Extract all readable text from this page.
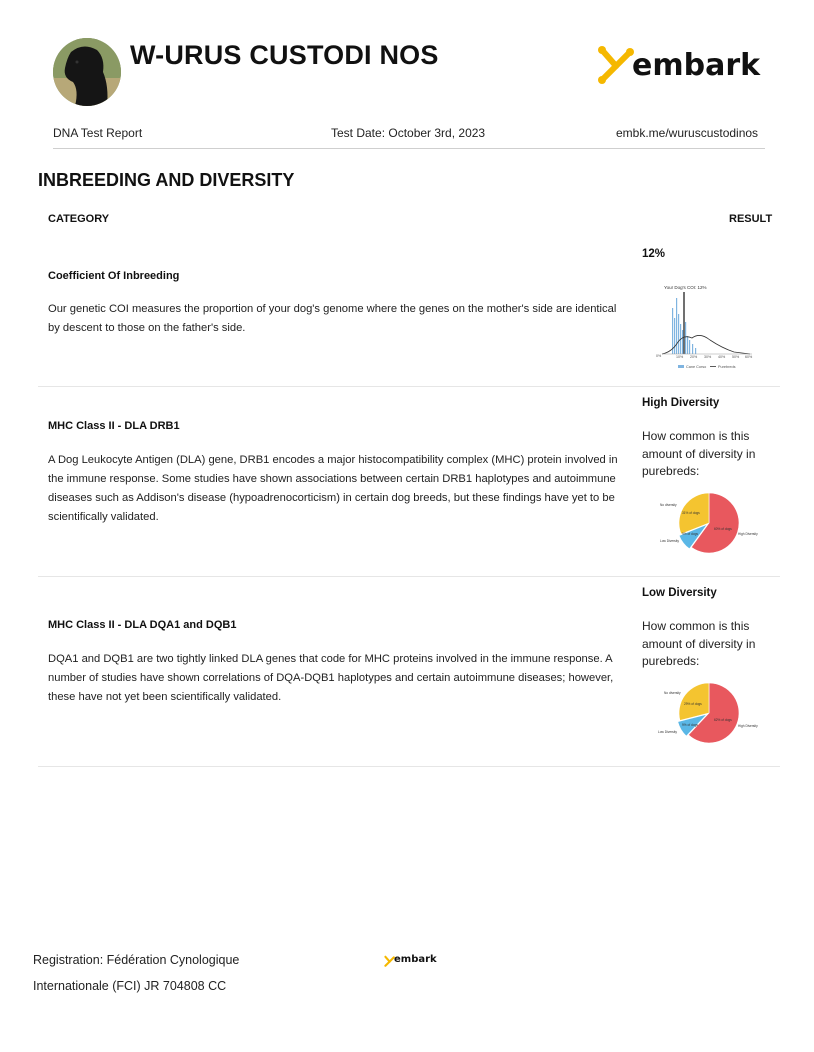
W-URUS CUSTODI NOS	embark
DNA Test Report	Test Date: October 3rd, 2023	embk.me/wuruscustodinos
INBREEDING AND DIVERSITY
CATEGORY	RESULT
Coefficient Of Inbreeding
Our genetic COI measures the proportion of your dog's genome where the genes on the mother's side are identical by descent to those on the father's side.
12%
Your Dog's COI: 12%
0%	10% 20% 30% 40% 50% 60%
Cane Corso	Purebreds
MHC Class II - DLA DRB1
A Dog Leukocyte Antigen (DLA) gene, DRB1 encodes a major histocompatibility complex (MHC) protein involved in the immune response. Some studies have shown associations between certain DRB1 haplotypes and autoimmune diseases such as Addison's disease (hypoadrenocorticism) in certain dog breeds, but these findings have yet to be scientifically validated.
High Diversity
How common is this amount of diversity in purebreds:
No diversity
Low Diversity
High Diversity
31% of dogs
9% of dogs
60% of dogs
MHC Class II - DLA DQA1 and DQB1
DQA1 and DQB1 are two tightly linked DLA genes that code for MHC proteins involved in the immune response. A number of studies have shown correlations of DQA-DQB1 haplotypes and certain autoimmune diseases; however, these have not yet been scientifically validated.
Low Diversity
How common is this amount of diversity in purebreds:
No diversity
Low Diversity
High Diversity
29% of dogs
9% of dogs
62% of dogs
Registration: Fédération Cynologique
Internationale (FCI) JR 704808 CC
embark
